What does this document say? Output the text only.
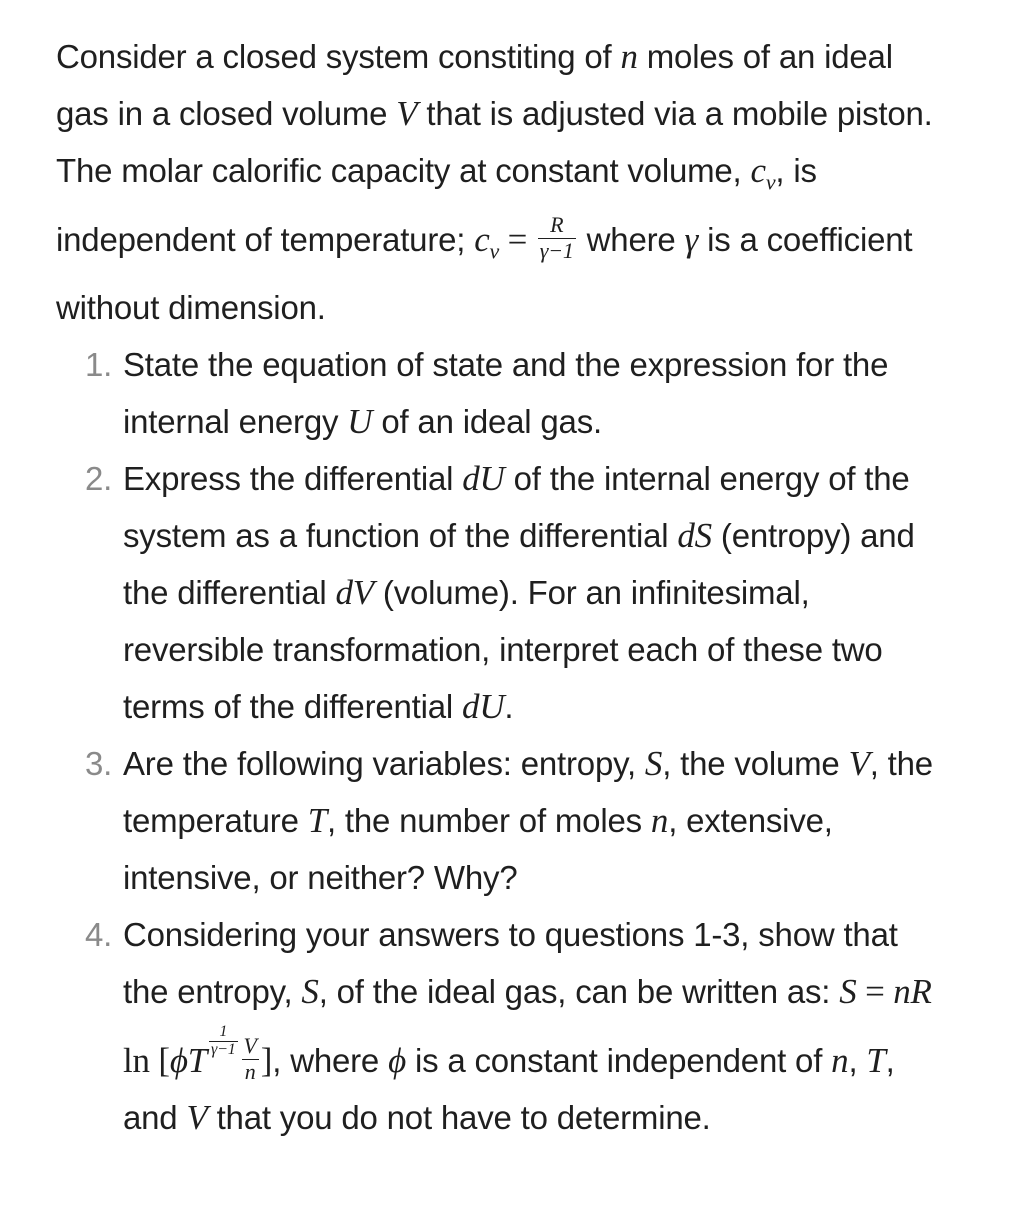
Consider a closed system constiting of n moles of an ideal gas in a closed volume V that is adjusted via a mobile piston. The molar calorific capacity at constant volume, $c_v$, is independent of temperature; $c_v = \frac{R}{\gamma-1}$ where γ is a coefficient without dimension.

1. State the equation of state and the expression for the internal energy U of an ideal gas.
2. Express the differential dU of the internal energy of the system as a function of the differential dS (entropy) and the differential dV (volume). For an infinitesimal, reversible transformation, interpret each of these two terms of the differential dU.
3. Are the following variables: entropy, S, the volume V, the temperature T, the number of moles n, extensive, intensive, or neither? Why?
4. Considering your answers to questions 1-3, show that the entropy, S, of the ideal gas, can be written as: S = nR $\ln [\phi T \frac{1}{\gamma-1} \frac{V}{n}$ ], where ϕ is a constant independent of n, T, and V that you do not have to determine.
